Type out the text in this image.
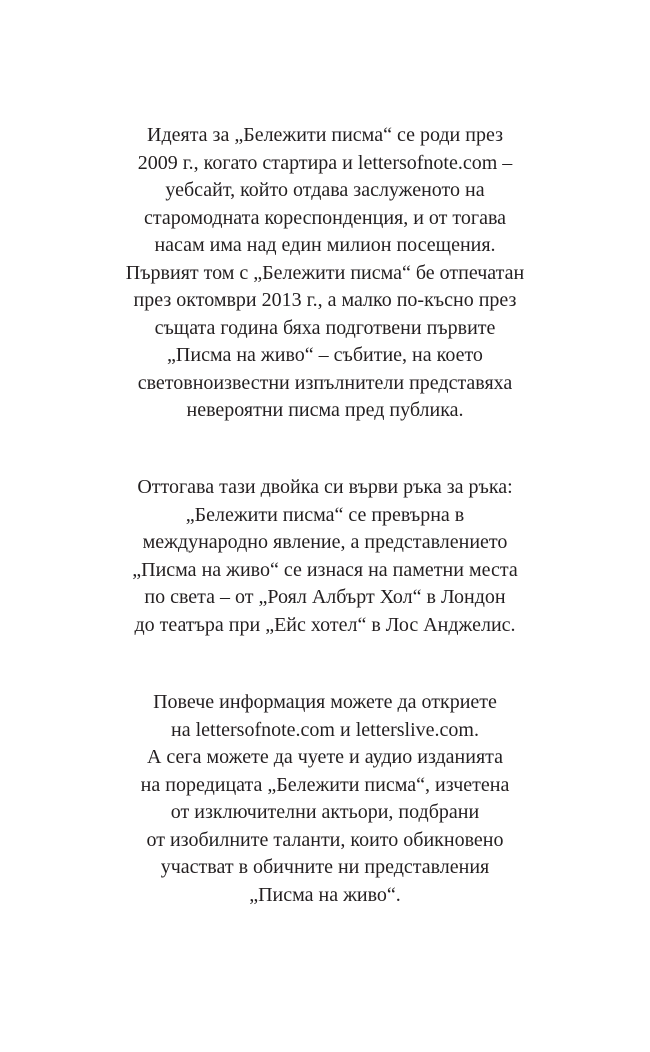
Идеята за „Бележити писма“ се роди през
2009 г., когато стартира и lettersofnote.com –
уебсайт, който отдава заслуженото на
старомодната кореспонденция, и от тогава
насам има над един милион посещения.
Първият том с „Бележити писма“ бе отпечатан
през октомври 2013 г., а малко по-късно през
същата година бяха подготвени първите
„Писма на живо“ – събитие, на което
световноизвестни изпълнители представяха
невероятни писма пред публика.

Оттогава тази двойка си върви ръка за ръка:
„Бележити писма“ се превърна в
международно явление, а представлението
„Писма на живо“ се изнася на паметни места
по света – от „Роял Албърт Хол“ в Лондон
до театъра при „Ейс хотел“ в Лос Анджелис.

Повече информация можете да откриете
на lettersofnote.com и letterslive.com.
А сега можете да чуете и аудио изданията
на поредицата „Бележити писма“, изчетена
от изключителни актьори, подбрани
от изобилните таланти, които обикновено
участват в обичните ни представления
„Писма на живо“.
